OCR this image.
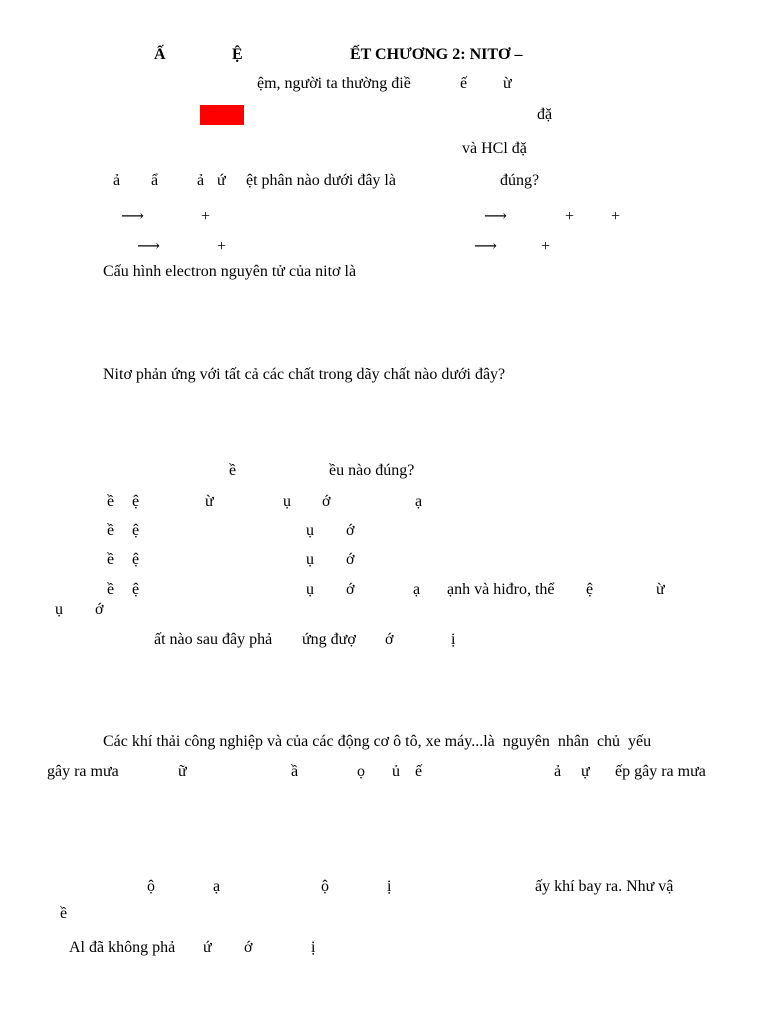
Ấ	Ệ	ẾT CHƯƠNG 2: NITƠ –
ệm, người ta thường điề	ế ừ
đặ
và HCl đặ
ả ẩ ả ứ ệt phân nào dưới đây là	đúng?
⟶	+	⟶	+ +
⟶	+	⟶	+
Cấu hình electron nguyên tử của nitơ là
Nitơ phản ứng với tất cả các chất trong dãy chất nào dưới đây?
ề	ều nào đúng?
ề ệ	ừ	ụ ớ	ạ
ề ệ	ụ ớ
ề ệ	ụ ớ
ề ệ	ụ ớ	ạ ạnh và hiđro, thể ệ	ừ
ụ ớ
ất nào sau đây phả ứng đượ ớ	ị
Các khí thải công nghiệp và của các động cơ ô tô, xe máy...là  nguyên  nhân  chủ  yếu
gây ra mưa	ữ	ầ	ọ ủ ế	ả ự ếp gây ra mưa
ộ	ạ	ộ	ị	ấy khí bay ra. Như vậ
ề
Al đã không phả ứ ớ	ị
